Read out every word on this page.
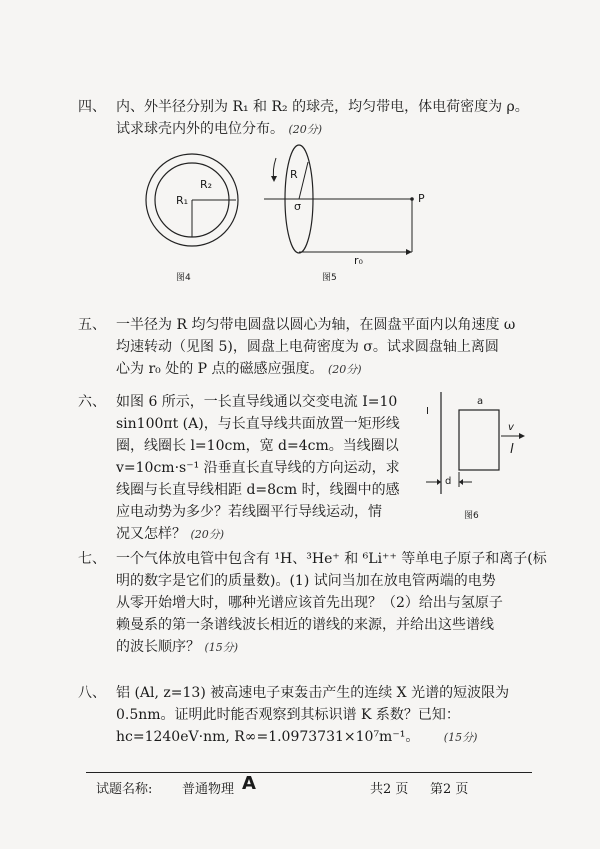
四、 内、外半径分别为 R₁ 和 R₂ 的球壳，均匀带电，体电荷密度为 ρ。
试求球壳内外的电位分布。 (20分)
R₁
R₂
图4
R
σ
P
r₀
图5
五、 一半径为 R 均匀带电圆盘以圆心为轴，在圆盘平面内以角速度 ω
均速转动（见图 5)，圆盘上电荷密度为 σ。试求圆盘轴上离圆
心为 r₀ 处的 P 点的磁感应强度。 (20分)
六、 如图 6 所示，一长直导线通以交变电流 I=10
sin100πt (A)，与长直导线共面放置一矩形线
圈，线圈长 l=10cm，宽 d=4cm。当线圈以
v=10cm·s⁻¹ 沿垂直长直导线的方向运动，求
线圈与长直导线相距 d=8cm 时，线圈中的感
应电动势为多少？若线圈平行导线运动，情
况又怎样？ (20分)
I
a
v
l
d
图6
七、 一个气体放电管中包含有 ¹H、³He⁺ 和 ⁶Li⁺⁺ 等单电子原子和离子(标
明的数字是它们的质量数)。(1) 试问当加在放电管两端的电势
从零开始增大时，哪种光谱应该首先出现？（2）给出与氢原子
赖曼系的第一条谱线波长相近的谱线的来源，并给出这些谱线
的波长顺序？ (15分)
八、 铝 (Al, z=13) 被高速电子束轰击产生的连续 X 光谱的短波限为
0.5nm。证明此时能否观察到其标识谱 K 系数？已知：
hc=1240eV·nm, R∞=1.0973731×10⁷m⁻¹。 (15分)
试题名称: 普通物理 A	共2 页 第2 页
